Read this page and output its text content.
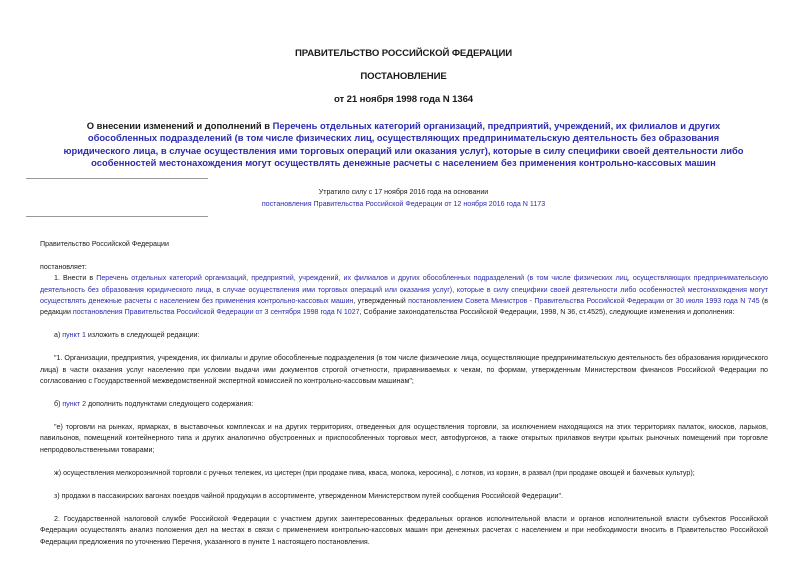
ПРАВИТЕЛЬСТВО РОССИЙСКОЙ ФЕДЕРАЦИИ
ПОСТАНОВЛЕНИЕ
от 21 ноября 1998 года N 1364
О внесении изменений и дополнений в Перечень отдельных категорий организаций, предприятий, учреждений, их филиалов и других обособленных подразделений (в том числе физических лиц, осуществляющих предпринимательскую деятельность без образования юридического лица, в случае осуществления ими торговых операций или оказания услуг), которые в силу специфики своей деятельности либо особенностей местонахождения могут осуществлять денежные расчеты с населением без применения контрольно-кассовых машин
Утратило силу с 17 ноября 2016 года на основании
постановления Правительства Российской Федерации от 12 ноября 2016 года N 1173

Правительство Российской Федерации

постановляет:

1. Внести в Перечень отдельных категорий организаций, предприятий, учреждений, их филиалов и других обособленных подразделений (в том числе физических лиц, осуществляющих предпринимательскую деятельность без образования юридического лица, в случае осуществления ими торговых операций или оказания услуг), которые в силу специфики своей деятельности либо особенностей местонахождения могут осуществлять денежные расчеты с населением без применения контрольно-кассовых машин, утвержденный постановлением Совета Министров - Правительства Российской Федерации от 30 июля 1993 года N 745 (в редакции постановления Правительства Российской Федерации от 3 сентября 1998 года N 1027, Собрание законодательства Российской Федерации, 1998, N 36, ст.4525), следующие изменения и дополнения:

а) пункт 1 изложить в следующей редакции:

"1. Организации, предприятия, учреждения, их филиалы и другие обособленные подразделения (в том числе физические лица, осуществляющие предпринимательскую деятельность без образования юридического лица) в части оказания услуг населению при условии выдачи ими документов строгой отчетности, приравниваемых к чекам, по формам, утвержденным Министерством финансов Российской Федерации по согласованию с Государственной межведомственной экспертной комиссией по контрольно-кассовым машинам";

б) пункт 2 дополнить подпунктами следующего содержания:

"е) торговли на рынках, ярмарках, в выставочных комплексах и на других территориях, отведенных для осуществления торговли, за исключением находящихся на этих территориях палаток, киосков, ларьков, павильонов, помещений контейнерного типа и других аналогично обустроенных и приспособленных торговых мест, автофургонов, а также открытых прилавков внутри крытых рыночных помещений при торговле непродовольственными товарами;

ж) осуществления мелкорозничной торговли с ручных тележек, из цистерн (при продаже пива, кваса, молока, керосина), с лотков, из корзин, в развал (при продаже овощей и бахчевых культур);

з) продажи в пассажирских вагонах поездов чайной продукции в ассортименте, утвержденном Министерством путей сообщения Российской Федерации".

2. Государственной налоговой службе Российской Федерации с участием других заинтересованных федеральных органов исполнительной власти и органов исполнительной власти субъектов Российской Федерации осуществлять анализ положения дел на местах в связи с применением контрольно-кассовых машин при денежных расчетах с населением и при необходимости вносить в Правительство Российской Федерации предложения по уточнению Перечня, указанного в пункте 1 настоящего постановления.
